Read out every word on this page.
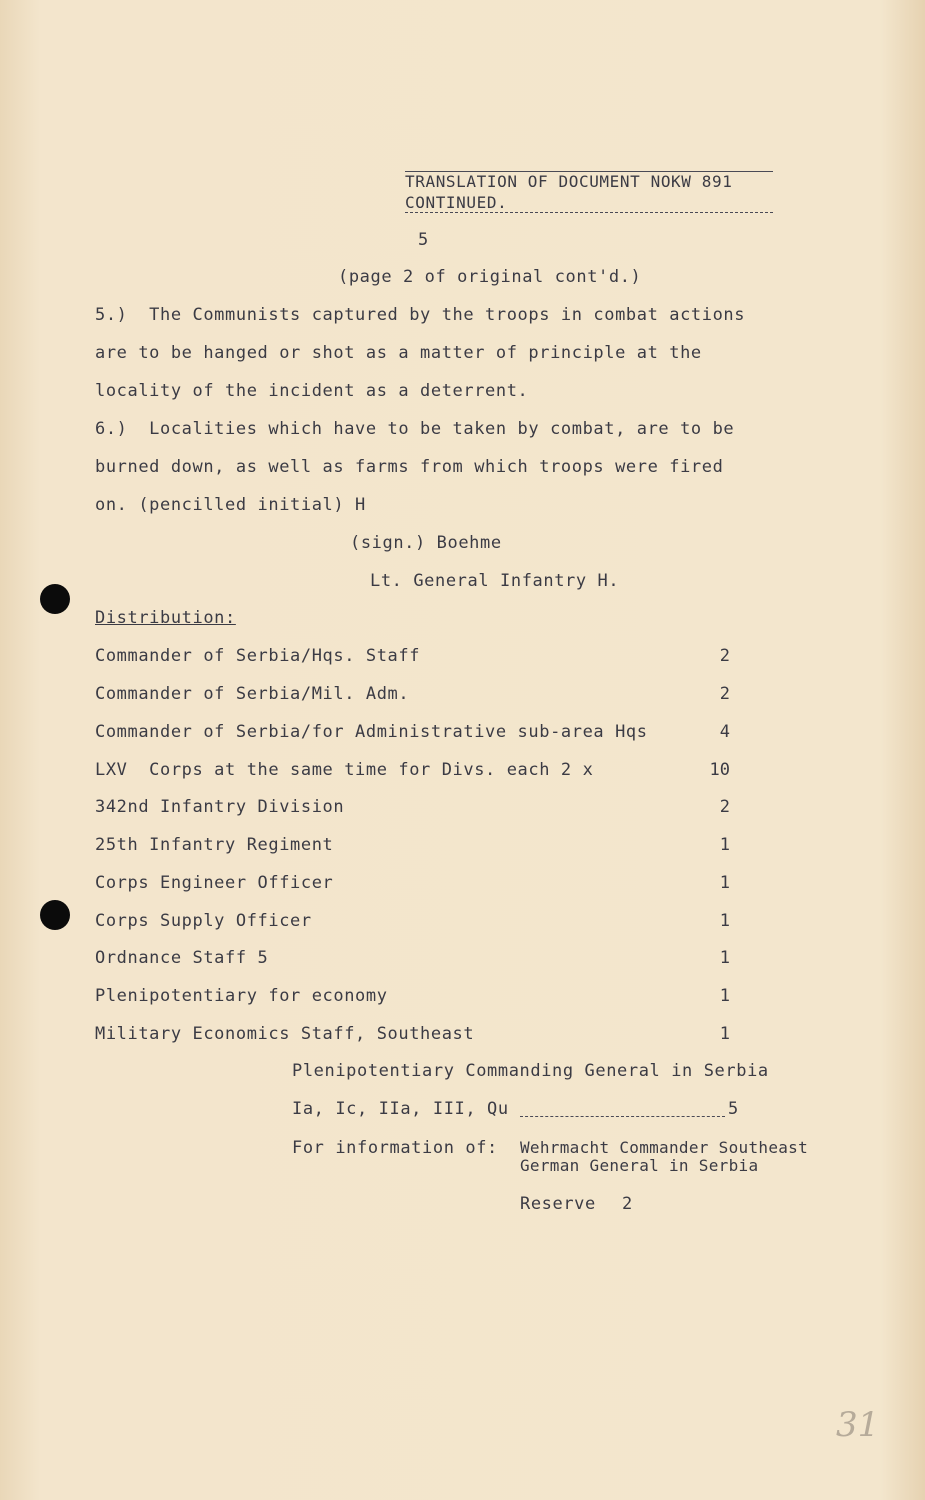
TRANSLATION OF DOCUMENT NOKW 891
CONTINUED.
5
(page 2 of original cont'd.)
5.)  The Communists captured by the troops in combat actions
are to be hanged or shot as a matter of principle at the
locality of the incident as a deterrent.
6.)  Localities which have to be taken by combat, are to be
burned down, as well as farms from which troops were fired
on. (pencilled initial) H
(sign.) Boehme
Lt. General Infantry H.
Distribution:
Commander of Serbia/Hqs. Staff	2
Commander of Serbia/Mil. Adm.	2
Commander of Serbia/for Administrative sub-area Hqs	4
LXV  Corps at the same time for Divs. each 2 x	10
342nd Infantry Division	2
25th Infantry Regiment	1
Corps Engineer Officer	1
Corps Supply Officer	1
Ordnance Staff 5	1
Plenipotentiary for economy	1
Military Economics Staff, Southeast	1
Plenipotentiary Commanding General in Serbia
Ia, Ic, IIa, III, Qu	5
For information of: Wehrmacht Commander Southeast
German General in Serbia
Reserve 2
31
